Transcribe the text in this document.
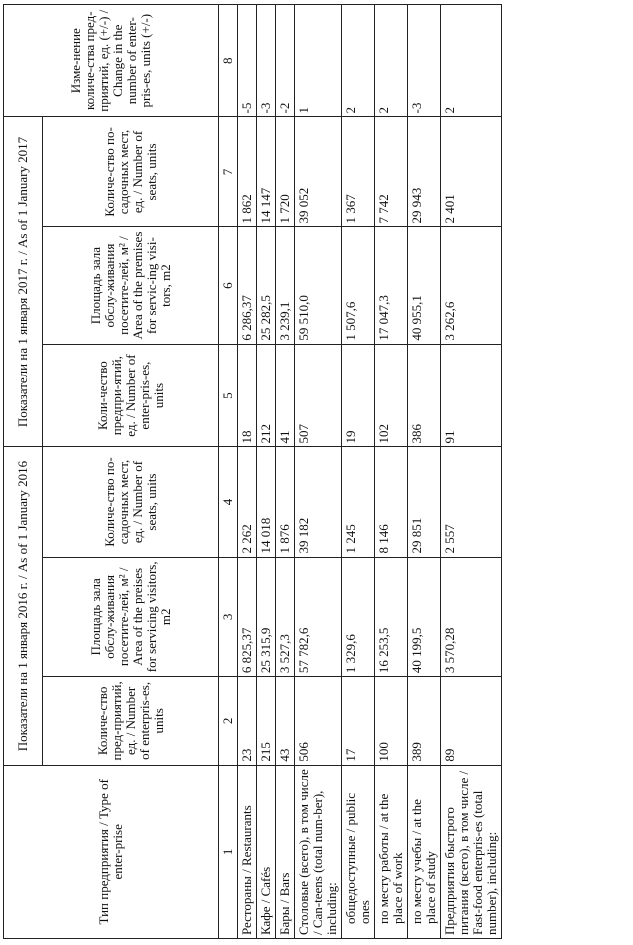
Тип предприятия / Type of enter-prise	Показатели на 1 января 2016 г. / As of 1 January 2016			Показатели на 1 января 2017 г. / As of 1 January 2017			Изме-нение количе-ства пред-приятий, ед. (+/-) / Change in the number of enter-pris-es, units (+/-)
	Количе-ство пред-приятий, ед. / Number of enterpris-es, units	Площадь зала обслу-живания посетите-лей, м² / Area of the preises for servicing visitors, m2	Количе-ство по-садочных мест, ед. / Number of seats, units	Коли-чество предпри-ятий, ед. / Number of enter-pris-es, units	Площадь зала обслу-живания посетите-лей, м² / Area of the premises for servic-ing visi-tors, m2	Количе-ство по-садочных мест, ед. / Number of seats, units	
1	2	3	4	5	6	7	8
Рестораны / Restaurants	23	6 825,37	2 262	18	6 286,37	1 862	-5
Кафе / Cafés	215	25 315,9	14 018	212	25 282,5	14 147	-3
Бары / Bars	43	3 527,3	1 876	41	3 239,1	1 720	-2
Столовые (всего), в том числе / Can-teens (total num-ber), including:	506	57 782,6	39 182	507	59 510,0	39 052	1
общедоступные / public ones	17	1 329,6	1 245	19	1 507,6	1 367	2
по месту работы / at the place of work	100	16 253,5	8 146	102	17 047,3	7 742	2
по месту учебы / at the place of study	389	40 199,5	29 851	386	40 955,1	29 943	-3
Предприятия быстрого питания (всего), в том числе / Fast-food enterpris-es (total number), including:	89	3 570,28	2 557	91	3 262,6	2 401	2
